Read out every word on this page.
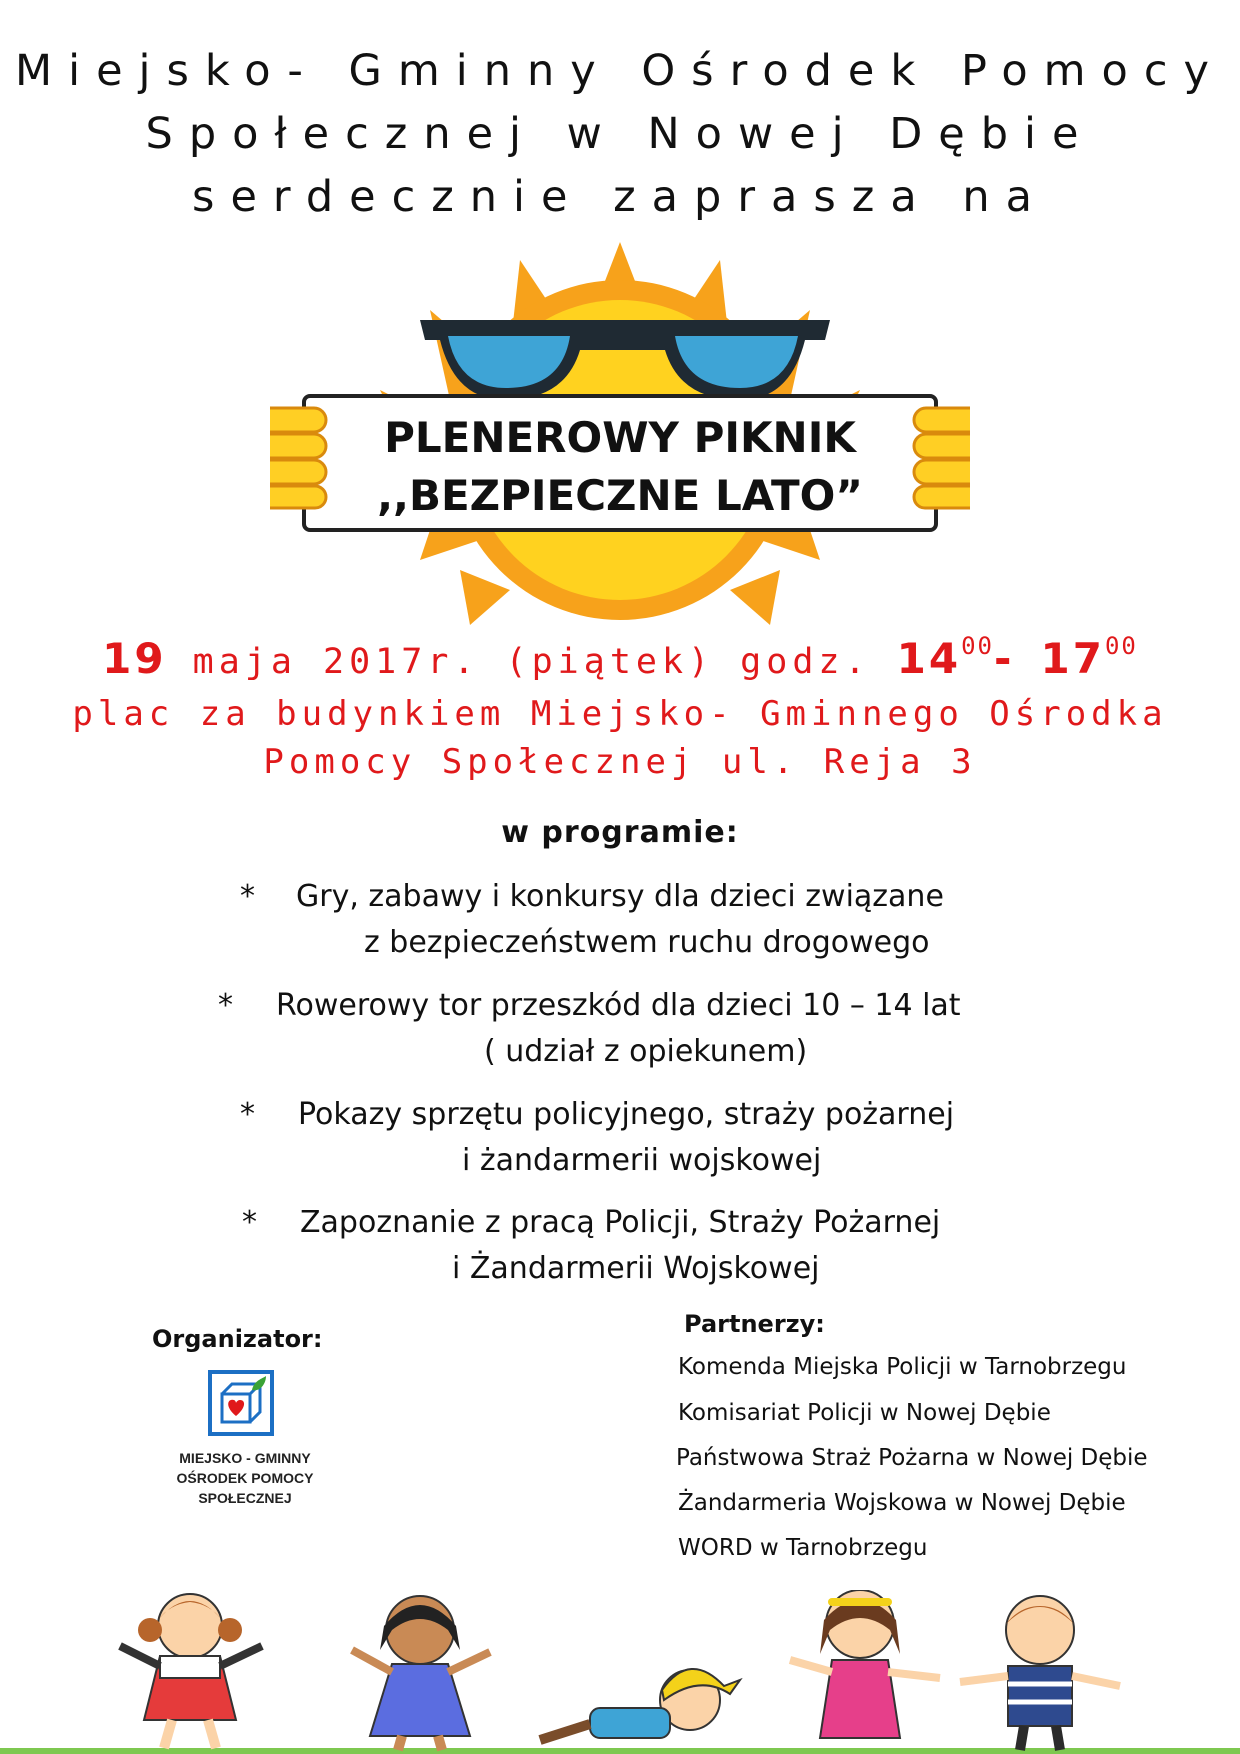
Miejsko- Gminny Ośrodek Pomocy
Społecznej w Nowej Dębie
serdecznie zaprasza na
PLENEROWY PIKNIK
,,BEZPIECZNE LATO”
19 maja 2017r. (piątek) godz. $14^{00}-$ $17^{00}$
plac za budynkiem Miejsko- Gminnego Ośrodka
Pomocy Społecznej ul. Reja 3
w programie:
*	Gry, zabawy i konkursy dla dzieci związane
z bezpieczeństwem ruchu drogowego
*	Rowerowy tor przeszkód dla dzieci 10 – 14 lat
( udział z opiekunem)
*	Pokazy sprzętu policyjnego, straży pożarnej
i żandarmerii wojskowej
*	Zapoznanie z pracą Policji, Straży Pożarnej
i Żandarmerii Wojskowej
Organizator:
MIEJSKO - GMINNY
OŚRODEK POMOCY
SPOŁECZNEJ
Partnerzy:
Komenda Miejska Policji w Tarnobrzegu
Komisariat Policji w Nowej Dębie
Państwowa Straż Pożarna w Nowej Dębie
Żandarmeria Wojskowa w Nowej Dębie
WORD w Tarnobrzegu
